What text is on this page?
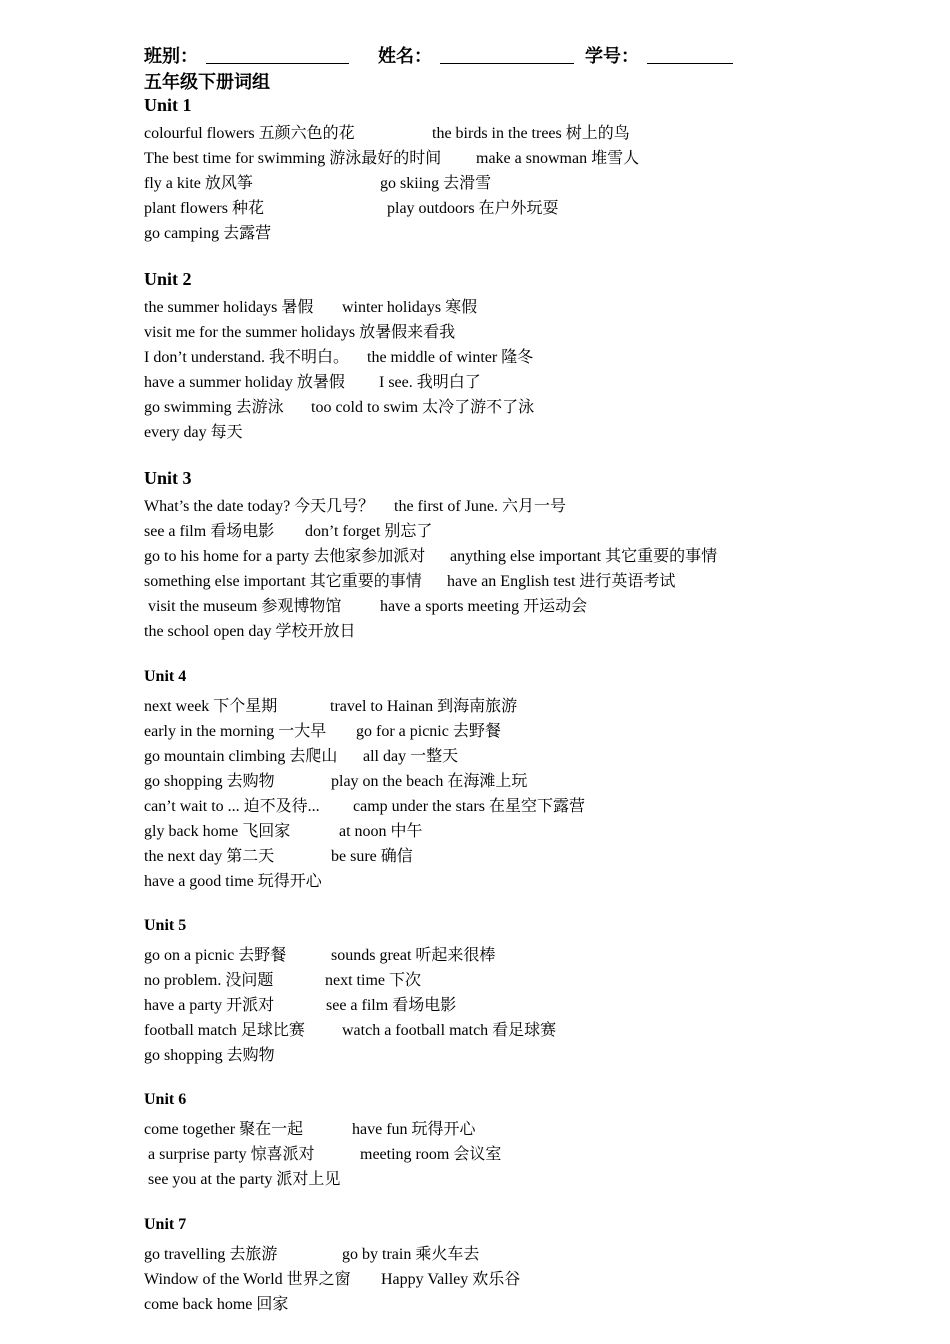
班别：	姓名：	学号：
五年级下册词组
Unit 1
colourful flowers 五颜六色的花	the birds in the trees 树上的鸟
The best time for swimming 游泳最好的时间 make a snowman 堆雪人
fly a kite 放风筝	go skiing 去滑雪
plant flowers 种花	play outdoors 在户外玩耍
go camping 去露营
Unit 2
the summer holidays 暑假 winter holidays 寒假
visit me for the summer holidays 放暑假来看我
I don’t understand. 我不明白。 the middle of winter 隆冬
have a summer holiday 放暑假 I see. 我明白了
go swimming 去游泳 too cold to swim 太冷了游不了泳
every day 每天
Unit 3
What’s the date today? 今天几号？ the first of June. 六月一号
see a film 看场电影 don’t forget 别忘了
go to his home for a party 去他家参加派对 anything else important 其它重要的事情
something else important 其它重要的事情 have an English test 进行英语考试
visit the museum 参观博物馆 have a sports meeting 开运动会
the school open day 学校开放日
Unit 4
next week 下个星期	travel to Hainan 到海南旅游
early in the morning 一大早 go for a picnic 去野餐
go mountain climbing 去爬山 all day 一整天
go shopping 去购物	play on the beach 在海滩上玩
can’t wait to ... 迫不及待... camp under the stars 在星空下露营
gly back home 飞回家	at noon 中午
the next day 第二天	be sure 确信
have a good time 玩得开心
Unit 5
go on a picnic 去野餐	sounds great 听起来很棒
no problem. 没问题	next time 下次
have a party 开派对	see a film 看场电影
football match 足球比赛 watch a football match 看足球赛
go shopping 去购物
Unit 6
come together 聚在一起	have fun 玩得开心
a surprise party 惊喜派对	meeting room 会议室
see you at the party 派对上见
Unit 7
go travelling 去旅游	go by train 乘火车去
Window of the World 世界之窗 Happy Valley 欢乐谷
come back home 回家
